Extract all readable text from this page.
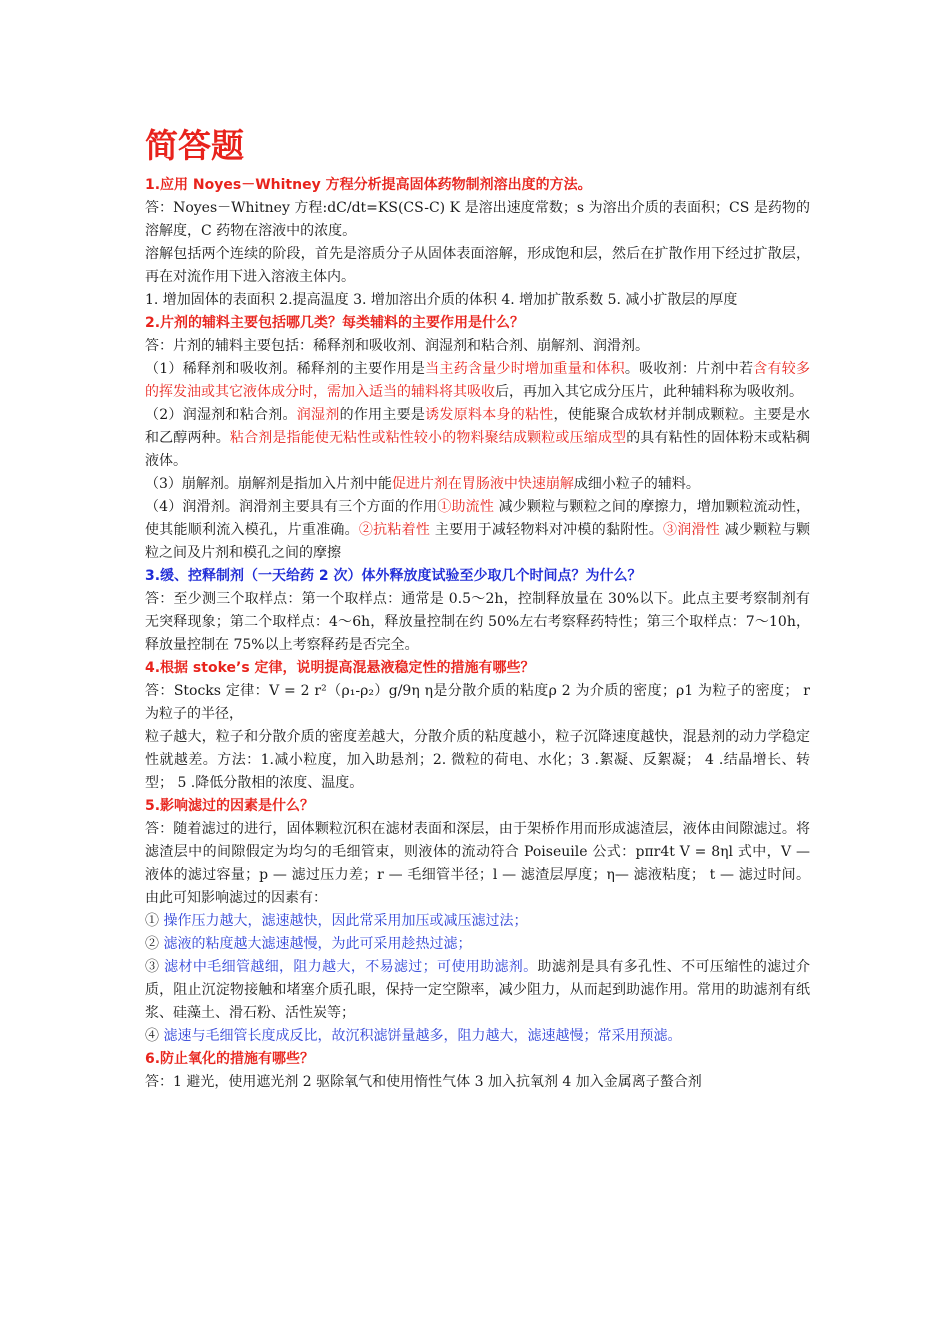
简答题

1.应用 Noyes－Whitney 方程分析提高固体药物制剂溶出度的方法。

答：Noyes－Whitney 方程:dC/dt=KS(CS-C) K 是溶出速度常数；s 为溶出介质的表面积；CS 是药物的溶解度，C 药物在溶液中的浓度。

溶解包括两个连续的阶段，首先是溶质分子从固体表面溶解，形成饱和层，然后在扩散作用下经过扩散层，再在对流作用下进入溶液主体内。

1. 增加固体的表面积 2.提高温度 3. 增加溶出介质的体积 4. 增加扩散系数 5. 减小扩散层的厚度

2.片剂的辅料主要包括哪几类？每类辅料的主要作用是什么？

答：片剂的辅料主要包括：稀释剂和吸收剂、润湿剂和粘合剂、崩解剂、润滑剂。

（1）稀释剂和吸收剂。稀释剂的主要作用是当主药含量少时增加重量和体积。吸收剂：片剂中若含有较多的挥发油或其它液体成分时，需加入适当的辅料将其吸收后，再加入其它成分压片，此种辅料称为吸收剂。

（2）润湿剂和粘合剂。润湿剂的作用主要是诱发原料本身的粘性，使能聚合成软材并制成颗粒。主要是水和乙醇两种。粘合剂是指能使无粘性或粘性较小的物料聚结成颗粒或压缩成型的具有粘性的固体粉末或粘稠液体。

（3）崩解剂。崩解剂是指加入片剂中能促进片剂在胃肠液中快速崩解成细小粒子的辅料。

（4）润滑剂。润滑剂主要具有三个方面的作用①助流性 减少颗粒与颗粒之间的摩擦力，增加颗粒流动性，使其能顺利流入模孔，片重准确。②抗粘着性 主要用于减轻物料对冲模的黏附性。③润滑性 减少颗粒与颗粒之间及片剂和模孔之间的摩擦

3.缓、控释制剂（一天给药 2 次）体外释放度试验至少取几个时间点？为什么？

答：至少测三个取样点：第一个取样点：通常是 0.5～2h，控制释放量在 30%以下。此点主要考察制剂有无突释现象；第二个取样点：4～6h，释放量控制在约 50%左右考察释药特性；第三个取样点：7～10h，释放量控制在 75%以上考察释药是否完全。

4.根据 stoke’s 定律，说明提高混悬液稳定性的措施有哪些？

答：Stocks 定律：V = 2 r²（ρ₁-ρ₂）g/9η η是分散介质的粘度ρ 2 为介质的密度；ρ1 为粒子的密度； r 为粒子的半径，

粒子越大，粒子和分散介质的密度差越大，分散介质的粘度越小，粒子沉降速度越快，混悬剂的动力学稳定性就越差。方法：1.减小粒度，加入助悬剂；2. 微粒的荷电、水化；3 .絮凝、反絮凝； 4 .结晶增长、转型； 5 .降低分散相的浓度、温度。

5.影响滤过的因素是什么？

答：随着滤过的进行，固体颗粒沉积在滤材表面和深层，由于架桥作用而形成滤渣层，液体由间隙滤过。将滤渣层中的间隙假定为均匀的毛细管束，则液体的流动符合 Poiseuile 公式：pπr4t V = 8ηl 式中，V — 液体的滤过容量；p — 滤过压力差；r — 毛细管半径；l — 滤渣层厚度；η— 滤液粘度； t — 滤过时间。由此可知影响滤过的因素有：

① 操作压力越大，滤速越快，因此常采用加压或减压滤过法；

② 滤液的粘度越大滤速越慢，为此可采用趁热过滤；

③ 滤材中毛细管越细，阻力越大，不易滤过；可使用助滤剂。助滤剂是具有多孔性、不可压缩性的滤过介质，阻止沉淀物接触和堵塞介质孔眼，保持一定空隙率，减少阻力，从而起到助滤作用。常用的助滤剂有纸浆、硅藻土、滑石粉、活性炭等；

④ 滤速与毛细管长度成反比，故沉积滤饼量越多，阻力越大，滤速越慢；常采用预滤。

6.防止氧化的措施有哪些？

答：1 避光，使用遮光剂 2 驱除氧气和使用惰性气体 3 加入抗氧剂 4 加入金属离子螯合剂
